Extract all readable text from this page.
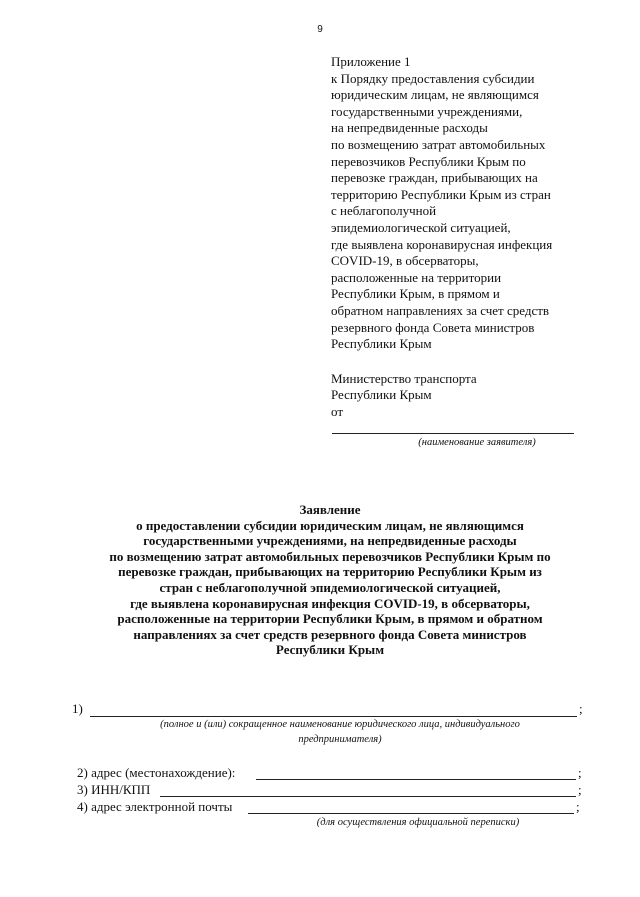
9
Приложение 1
к Порядку предоставления субсидии
юридическим лицам, не являющимся
государственными учреждениями,
на непредвиденные расходы
по возмещению затрат автомобильных
перевозчиков Республики Крым по
перевозке граждан, прибывающих на
территорию Республики Крым из стран
с неблагополучной
эпидемиологической ситуацией,
где выявлена коронавирусная инфекция
COVID-19, в обсерваторы,
расположенные на территории
Республики Крым, в прямом и
обратном направлениях за счет средств
резервного фонда Совета министров
Республики Крым
Министерство транспорта
Республики Крым
от
(наименование заявителя)
Заявление
о предоставлении субсидии юридическим лицам, не являющимся
государственными учреждениями, на непредвиденные расходы
по возмещению затрат автомобильных перевозчиков Республики Крым по
перевозке граждан, прибывающих на территорию Республики Крым из
стран с неблагополучной эпидемиологической ситуацией,
где выявлена коронавирусная инфекция COVID-19, в обсерваторы,
расположенные на территории Республики Крым, в прямом и обратном
направлениях за счет средств резервного фонда Совета министров
Республики Крым
1)	;
(полное и (или) сокращенное наименование юридического лица, индивидуального
предпринимателя)
2) адрес (местонахождение):	;
3) ИНН/КПП	;
4) адрес электронной почты	;
(для осуществления официальной переписки)
